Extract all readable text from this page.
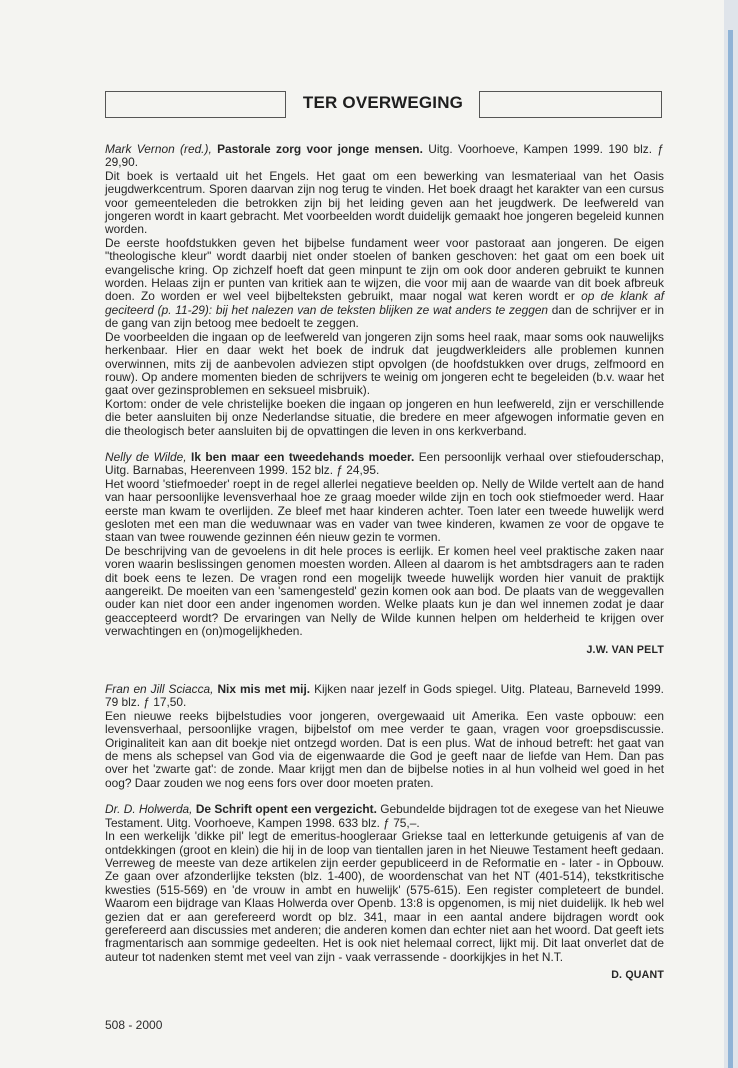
TER OVERWEGING

Mark Vernon (red.), Pastorale zorg voor jonge mensen. Uitg. Voorhoeve, Kampen 1999. 190 blz. ƒ 29,90.

Dit boek is vertaald uit het Engels. Het gaat om een bewerking van lesmateriaal van het Oasis jeugdwerkcentrum. Sporen daarvan zijn nog terug te vinden. Het boek draagt het karakter van een cursus voor gemeenteleden die betrokken zijn bij het leiding geven aan het jeugdwerk. De leefwereld van jongeren wordt in kaart gebracht. Met voorbeelden wordt duidelijk gemaakt hoe jongeren begeleid kunnen worden.

De eerste hoofdstukken geven het bijbelse fundament weer voor pastoraat aan jongeren. De eigen "theologische kleur" wordt daarbij niet onder stoelen of banken geschoven: het gaat om een boek uit evangelische kring. Op zichzelf hoeft dat geen minpunt te zijn om ook door anderen gebruikt te kunnen worden. Helaas zijn er punten van kritiek aan te wijzen, die voor mij aan de waarde van dit boek afbreuk doen. Zo worden er wel veel bijbelteksten gebruikt, maar nogal wat keren wordt er op de klank af geciteerd (p. 11-29): bij het nalezen van de teksten blijken ze wat anders te zeggen dan de schrijver er in de gang van zijn betoog mee bedoelt te zeggen.

De voorbeelden die ingaan op de leefwereld van jongeren zijn soms heel raak, maar soms ook nauwelijks herkenbaar. Hier en daar wekt het boek de indruk dat jeugdwerkleiders alle problemen kunnen overwinnen, mits zij de aanbevolen adviezen stipt opvolgen (de hoofdstukken over drugs, zelfmoord en rouw). Op andere momenten bieden de schrijvers te weinig om jongeren echt te begeleiden (b.v. waar het gaat over gezinsproblemen en seksueel misbruik).

Kortom: onder de vele christelijke boeken die ingaan op jongeren en hun leefwereld, zijn er verschillende die beter aansluiten bij onze Nederlandse situatie, die bredere en meer afgewogen informatie geven en die theologisch beter aansluiten bij de opvattingen die leven in ons kerkverband.

Nelly de Wilde, Ik ben maar een tweedehands moeder. Een persoonlijk verhaal over stiefouderschap, Uitg. Barnabas, Heerenveen 1999. 152 blz. ƒ 24,95.

Het woord 'stiefmoeder' roept in de regel allerlei negatieve beelden op. Nelly de Wilde vertelt aan de hand van haar persoonlijke levensverhaal hoe ze graag moeder wilde zijn en toch ook stiefmoeder werd. Haar eerste man kwam te overlijden. Ze bleef met haar kinderen achter. Toen later een tweede huwelijk werd gesloten met een man die weduwnaar was en vader van twee kinderen, kwamen ze voor de opgave te staan van twee rouwende gezinnen één nieuw gezin te vormen.

De beschrijving van de gevoelens in dit hele proces is eerlijk. Er komen heel veel praktische zaken naar voren waarin beslissingen genomen moesten worden. Alleen al daarom is het ambtsdragers aan te raden dit boek eens te lezen. De vragen rond een mogelijk tweede huwelijk worden hier vanuit de praktijk aangereikt. De moeiten van een 'samengesteld' gezin komen ook aan bod. De plaats van de weggevallen ouder kan niet door een ander ingenomen worden. Welke plaats kun je dan wel innemen zodat je daar geaccepteerd wordt? De ervaringen van Nelly de Wilde kunnen helpen om helderheid te krijgen over verwachtingen en (on)mogelijkheden.

J.W. VAN PELT

Fran en Jill Sciacca, Nix mis met mij. Kijken naar jezelf in Gods spiegel. Uitg. Plateau, Barneveld 1999. 79 blz. ƒ 17,50.

Een nieuwe reeks bijbelstudies voor jongeren, overgewaaid uit Amerika. Een vaste opbouw: een levensverhaal, persoonlijke vragen, bijbelstof om mee verder te gaan, vragen voor groepsdiscussie. Originaliteit kan aan dit boekje niet ontzegd worden. Dat is een plus. Wat de inhoud betreft: het gaat van de mens als schepsel van God via de eigenwaarde die God je geeft naar de liefde van Hem. Dan pas over het 'zwarte gat': de zonde. Maar krijgt men dan de bijbelse noties in al hun volheid wel goed in het oog? Daar zouden we nog eens fors over door moeten praten.

Dr. D. Holwerda, De Schrift opent een vergezicht. Gebundelde bijdragen tot de exegese van het Nieuwe Testament. Uitg. Voorhoeve, Kampen 1998. 633 blz. ƒ 75,–.

In een werkelijk 'dikke pil' legt de emeritus-hoogleraar Griekse taal en letterkunde getuigenis af van de ontdekkingen (groot en klein) die hij in de loop van tientallen jaren in het Nieuwe Testament heeft gedaan. Verreweg de meeste van deze artikelen zijn eerder gepubliceerd in de Reformatie en - later - in Opbouw. Ze gaan over afzonderlijke teksten (blz. 1-400), de woordenschat van het NT (401-514), tekstkritische kwesties (515-569) en 'de vrouw in ambt en huwelijk' (575-615). Een register completeert de bundel. Waarom een bijdrage van Klaas Holwerda over Openb. 13:8 is opgenomen, is mij niet duidelijk. Ik heb wel gezien dat er aan gerefereerd wordt op blz. 341, maar in een aantal andere bijdragen wordt ook gerefereerd aan discussies met anderen; die anderen komen dan echter niet aan het woord. Dat geeft iets fragmentarisch aan sommige gedeelten. Het is ook niet helemaal correct, lijkt mij. Dit laat onverlet dat de auteur tot nadenken stemt met veel van zijn - vaak verrassende - doorkijkjes in het N.T.

D. QUANT
508 - 2000
